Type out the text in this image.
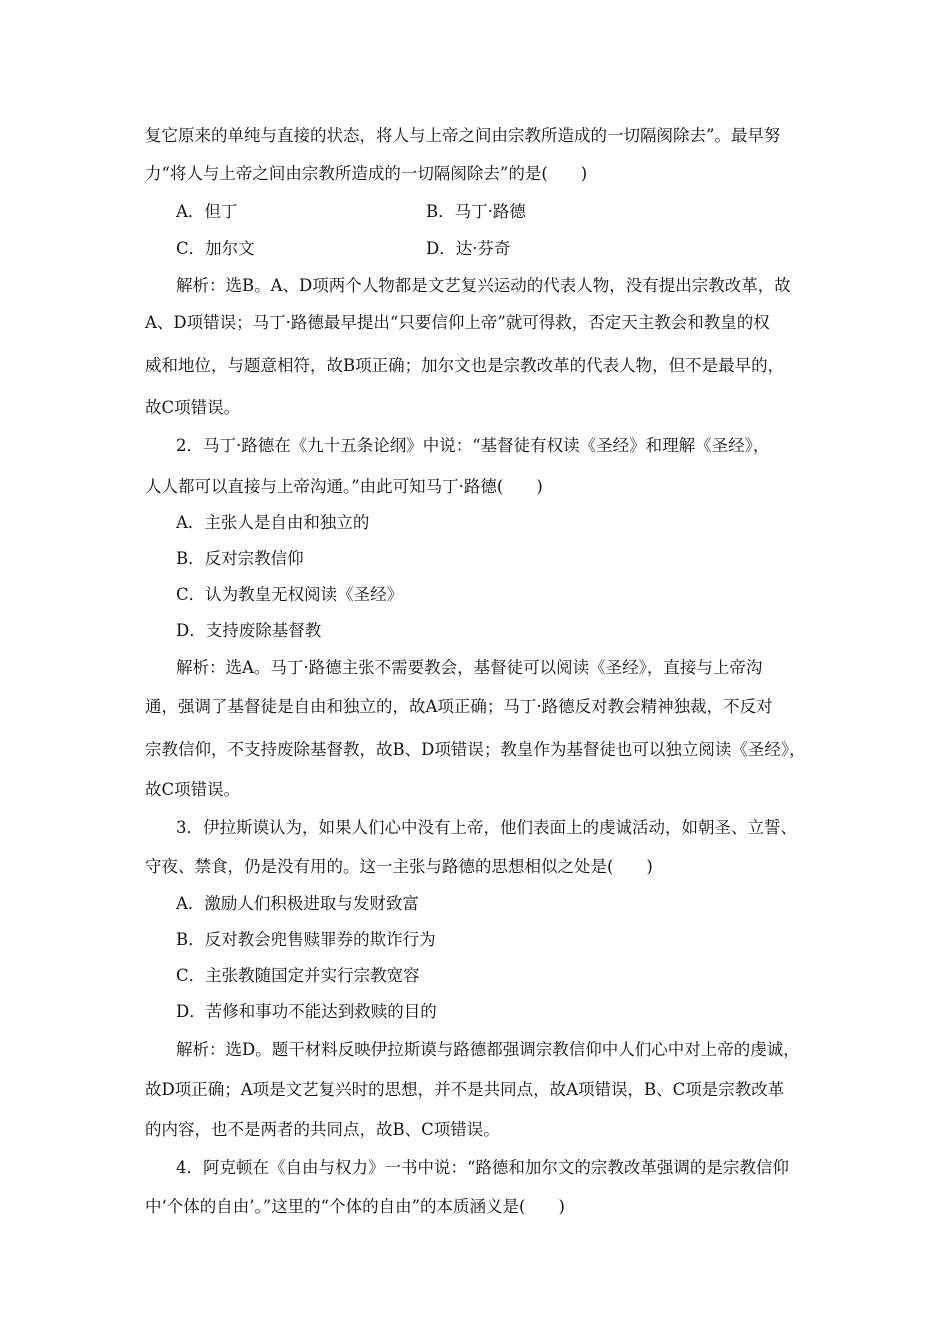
复它原来的单纯与直接的状态，将人与上帝之间由宗教所造成的一切隔阂除去”。最早努
力“将人与上帝之间由宗教所造成的一切隔阂除去”的是(　　)
A．但丁	B．马丁·路德
C．加尔文	D．达·芬奇
解析：选B。A、D项两个人物都是文艺复兴运动的代表人物，没有提出宗教改革，故
A、D项错误；马丁·路德最早提出“只要信仰上帝”就可得救，否定天主教会和教皇的权
威和地位，与题意相符，故B项正确；加尔文也是宗教改革的代表人物，但不是最早的，
故C项错误。
2．马丁·路德在《九十五条论纲》中说：“基督徒有权读《圣经》和理解《圣经》，
人人都可以直接与上帝沟通。”由此可知马丁·路德(　　)
A．主张人是自由和独立的
B．反对宗教信仰
C．认为教皇无权阅读《圣经》
D．支持废除基督教
解析：选A。马丁·路德主张不需要教会，基督徒可以阅读《圣经》，直接与上帝沟
通，强调了基督徒是自由和独立的，故A项正确；马丁·路德反对教会精神独裁，不反对
宗教信仰，不支持废除基督教，故B、D项错误；教皇作为基督徒也可以独立阅读《圣经》，
故C项错误。
3．伊拉斯谟认为，如果人们心中没有上帝，他们表面上的虔诚活动，如朝圣、立誓、
守夜、禁食，仍是没有用的。这一主张与路德的思想相似之处是(　　)
A．激励人们积极进取与发财致富
B．反对教会兜售赎罪券的欺诈行为
C．主张教随国定并实行宗教宽容
D．苦修和事功不能达到救赎的目的
解析：选D。题干材料反映伊拉斯谟与路德都强调宗教信仰中人们心中对上帝的虔诚，
故D项正确；A项是文艺复兴时的思想，并不是共同点，故A项错误，B、C项是宗教改革
的内容，也不是两者的共同点，故B、C项错误。
4．阿克顿在《自由与权力》一书中说：“路德和加尔文的宗教改革强调的是宗教信仰
中‘个体的自由’。”这里的“个体的自由”的本质涵义是(　　)
